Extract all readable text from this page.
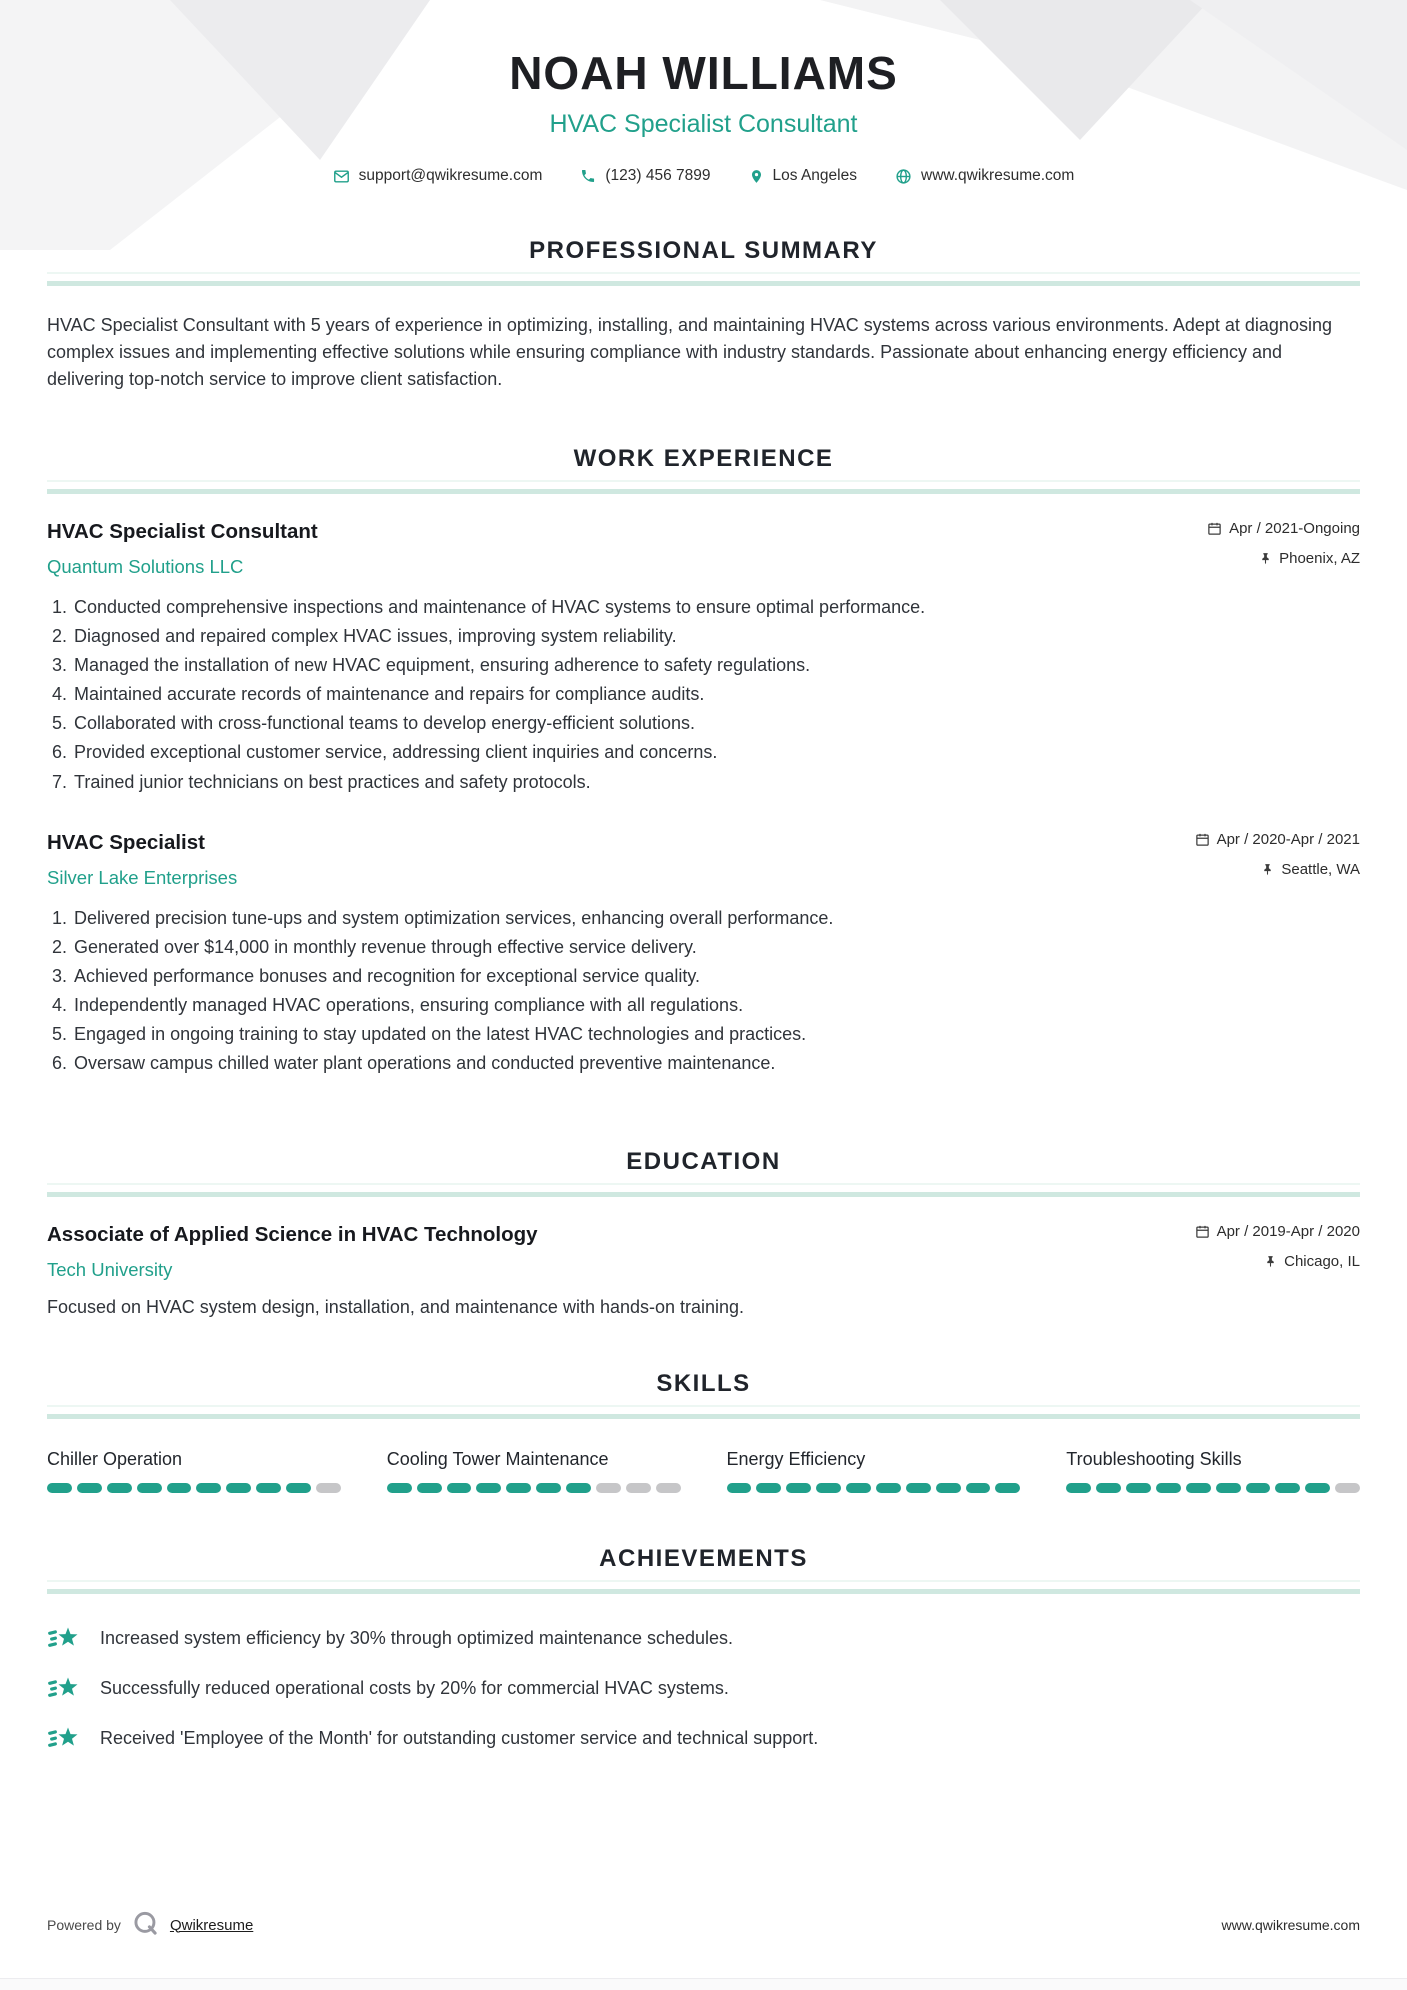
NOAH WILLIAMS
HVAC Specialist Consultant
support@qwikresume.com	(123) 456 7899	Los Angeles	www.qwikresume.com
PROFESSIONAL SUMMARY

HVAC Specialist Consultant with 5 years of experience in optimizing, installing, and maintaining HVAC systems across various environments. Adept at diagnosing complex issues and implementing effective solutions while ensuring compliance with industry standards. Passionate about enhancing energy efficiency and delivering top-notch service to improve client satisfaction.

WORK EXPERIENCE
HVAC Specialist Consultant
Quantum Solutions LLC
Apr / 2021-Ongoing
Phoenix, AZ
1. Conducted comprehensive inspections and maintenance of HVAC systems to ensure optimal performance.
2. Diagnosed and repaired complex HVAC issues, improving system reliability.
3. Managed the installation of new HVAC equipment, ensuring adherence to safety regulations.
4. Maintained accurate records of maintenance and repairs for compliance audits.
5. Collaborated with cross-functional teams to develop energy-efficient solutions.
6. Provided exceptional customer service, addressing client inquiries and concerns.
7. Trained junior technicians on best practices and safety protocols.
HVAC Specialist
Silver Lake Enterprises
Apr / 2020-Apr / 2021
Seattle, WA
1. Delivered precision tune-ups and system optimization services, enhancing overall performance.
2. Generated over $14,000 in monthly revenue through effective service delivery.
3. Achieved performance bonuses and recognition for exceptional service quality.
4. Independently managed HVAC operations, ensuring compliance with all regulations.
5. Engaged in ongoing training to stay updated on the latest HVAC technologies and practices.
6. Oversaw campus chilled water plant operations and conducted preventive maintenance.
EDUCATION
Associate of Applied Science in HVAC Technology
Tech University
Apr / 2019-Apr / 2020
Chicago, IL
Focused on HVAC system design, installation, and maintenance with hands-on training.
SKILLS
Chiller Operation	Cooling Tower Maintenance	Energy Efficiency	Troubleshooting Skills
ACHIEVEMENTS
Increased system efficiency by 30% through optimized maintenance schedules.
Successfully reduced operational costs by 20% for commercial HVAC systems.
Received 'Employee of the Month' for outstanding customer service and technical support.
Powered by	Qwikresume	www.qwikresume.com
